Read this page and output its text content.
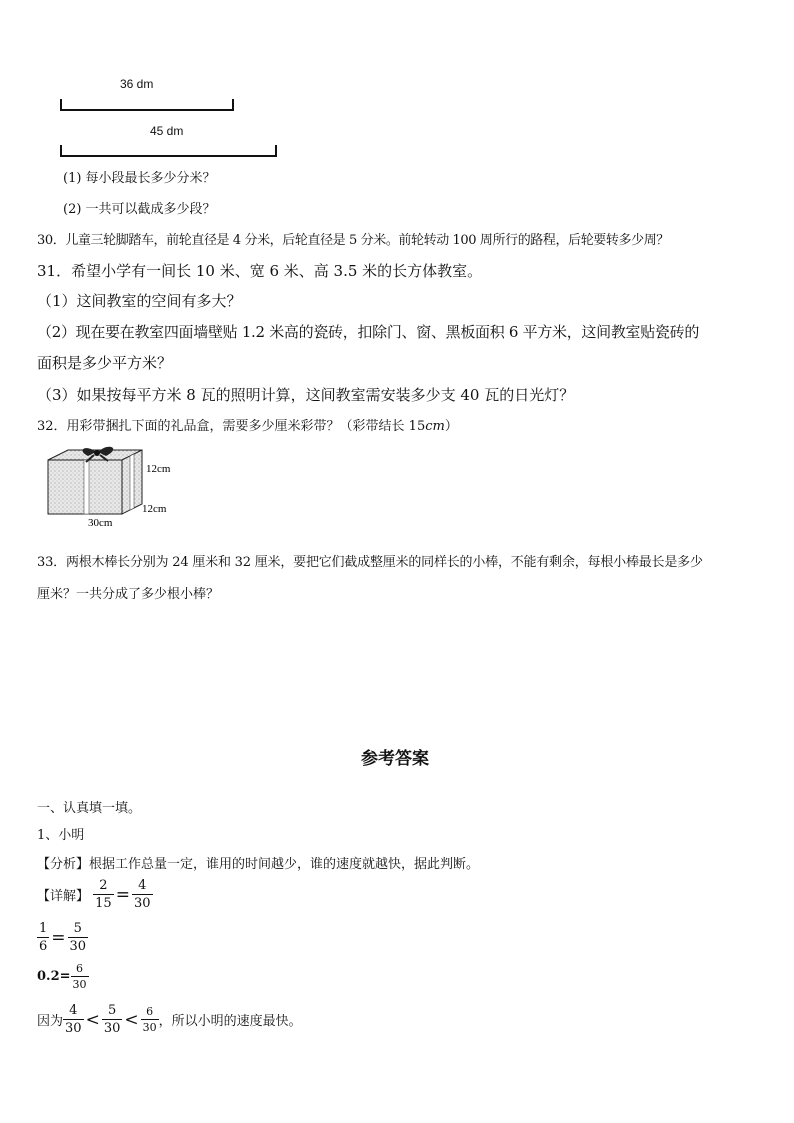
36 dm
45 dm
(1) 每小段最长多少分米？
(2) 一共可以截成多少段？
30．儿童三轮脚踏车，前轮直径是 4 分米，后轮直径是 5 分米。前轮转动 100 周所行的路程，后轮要转多少周？
31．希望小学有一间长 10 米、宽 6 米、高 3.5 米的长方体教室。
（1）这间教室的空间有多大？
（2）现在要在教室四面墙壁贴 1.2 米高的瓷砖，扣除门、窗、黑板面积 6 平方米，这间教室贴瓷砖的
面积是多少平方米？
（3）如果按每平方米 8 瓦的照明计算，这间教室需安装多少支 40 瓦的日光灯？
32．用彩带捆扎下面的礼品盒，需要多少厘米彩带？（彩带结长 15cm）
12cm
12cm
30cm
33．两根木棒长分别为 24 厘米和 32 厘米，要把它们截成整厘米的同样长的小棒，不能有剩余，每根小棒最长是多少
厘米？一共分成了多少根小棒？
参考答案
一、认真填一填。
1、小明
【分析】根据工作总量一定，谁用的时间越少，谁的速度就越快，据此判断。
【详解】 $\frac{2}{15} = \frac{4}{30}$
$\frac{1}{6} = \frac{5}{30}$
$0.2= \frac{6}{30}$
因为 $\frac{4}{30} < \frac{5}{30} < \frac{6}{30}$ ，所以小明的速度最快。
